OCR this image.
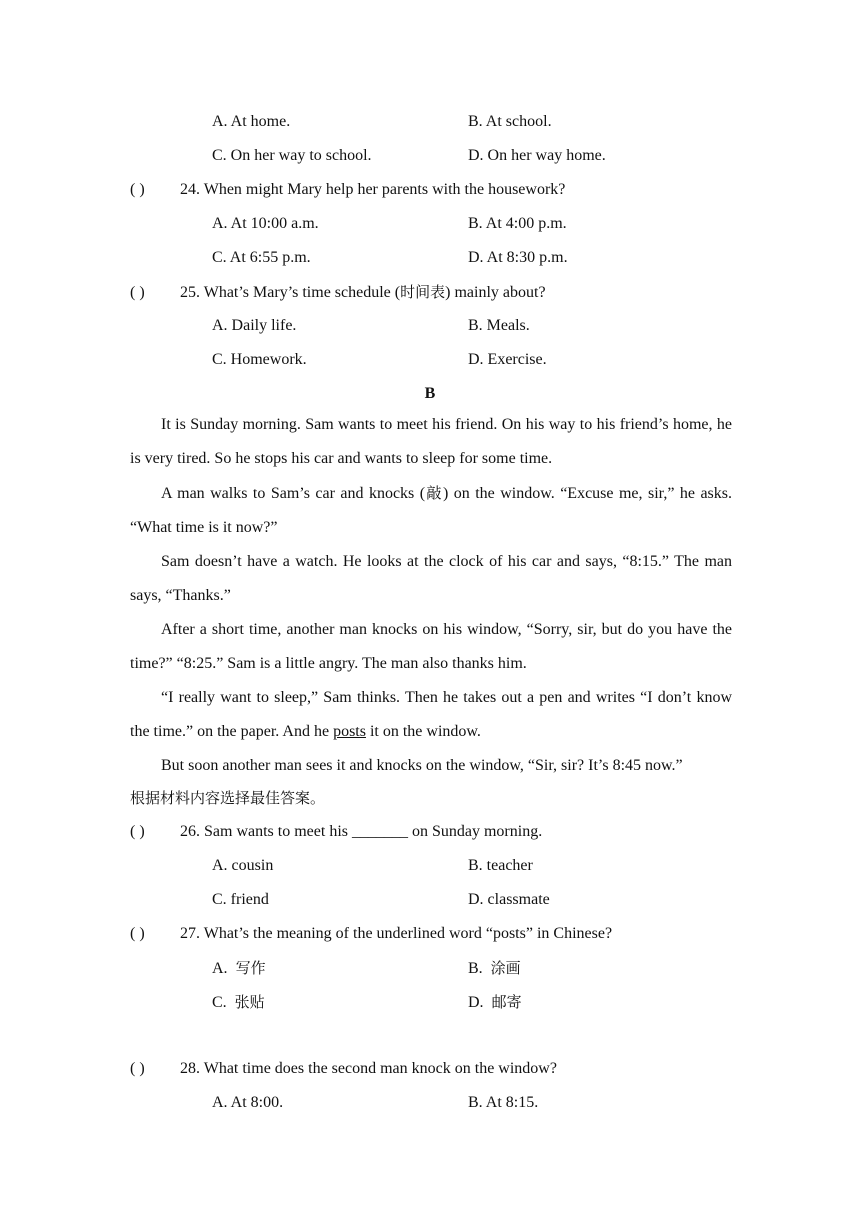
A. At home.	B. At school.
C. On her way to school.	D. On her way home.
( ) 24. When might Mary help her parents with the housework?
A. At 10:00 a.m.	B. At 4:00 p.m.
C. At 6:55 p.m.	D. At 8:30 p.m.
( ) 25. What’s Mary’s time schedule (时间表) mainly about?
A. Daily life.	B. Meals.
C. Homework.	D. Exercise.
B

It is Sunday morning. Sam wants to meet his friend. On his way to his friend’s home, he is very tired. So he stops his car and wants to sleep for some time.

A man walks to Sam’s car and knocks (敲) on the window. “Excuse me, sir,” he asks. “What time is it now?”

Sam doesn’t have a watch. He looks at the clock of his car and says, “8:15.” The man says, “Thanks.”

After a short time, another man knocks on his window, “Sorry, sir, but do you have the time?” “8:25.” Sam is a little angry. The man also thanks him.

“I really want to sleep,” Sam thinks. Then he takes out a pen and writes “I don’t know the time.” on the paper. And he posts it on the window.

But soon another man sees it and knocks on the window, “Sir, sir? It’s 8:45 now.”

根据材料内容选择最佳答案。
( ) 26. Sam wants to meet his _______ on Sunday morning.
A. cousin	B. teacher
C. friend	D. classmate
( ) 27. What’s the meaning of the underlined word “posts” in Chinese?
A. 写作	B. 涂画
C. 张贴	D. 邮寄
( ) 28. What time does the second man knock on the window?
A. At 8:00.	B. At 8:15.
